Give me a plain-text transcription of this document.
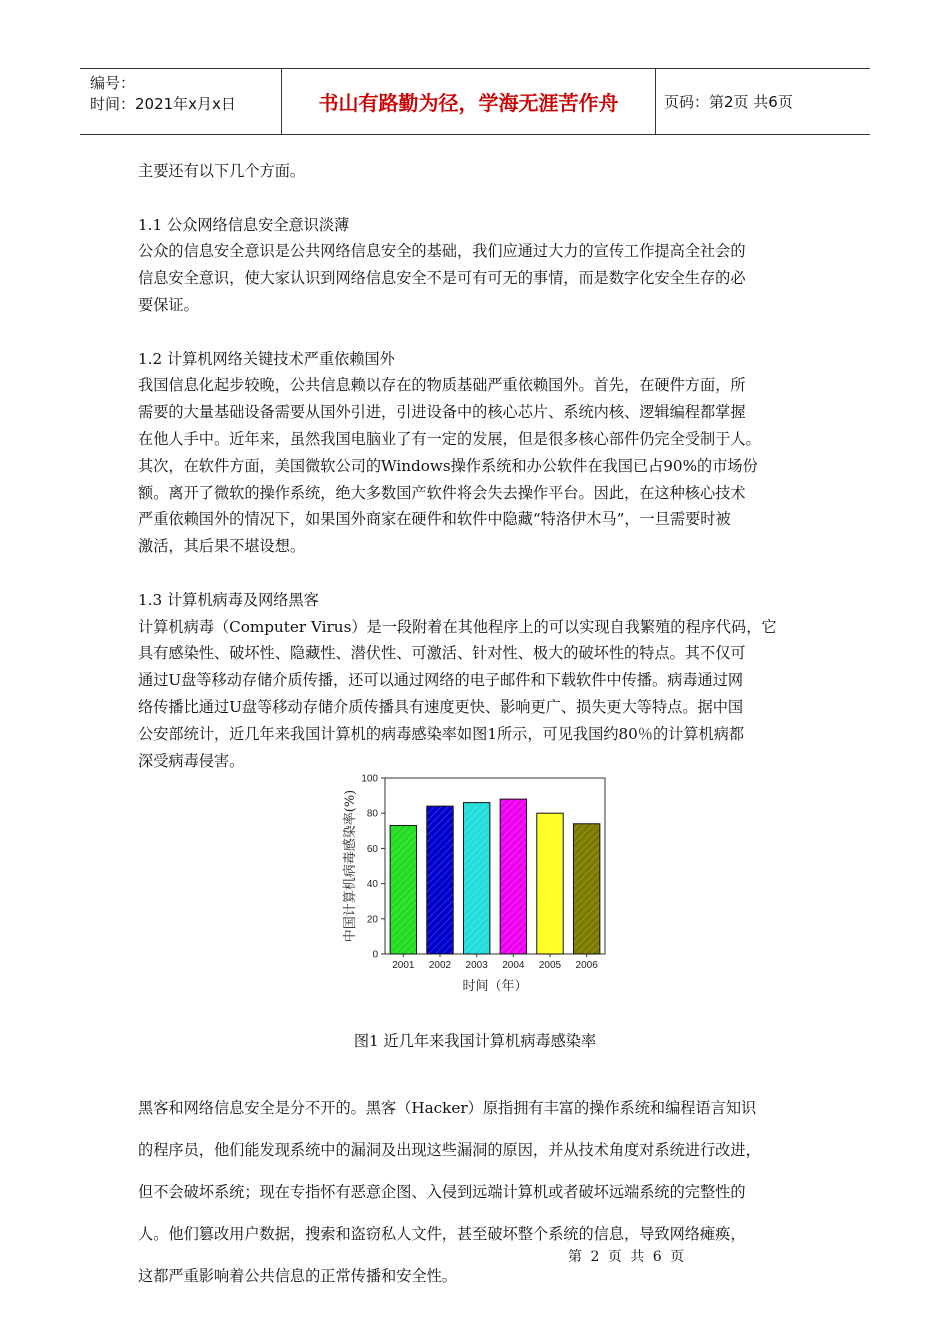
编号：
时间：2021年x月x日	书山有路勤为径，学海无涯苦作舟	页码：第2页 共6页

主要还有以下几个方面。

1.1 公众网络信息安全意识淡薄

公众的信息安全意识是公共网络信息安全的基础，我们应通过大力的宣传工作提高全社会的

信息安全意识，使大家认识到网络信息安全不是可有可无的事情，而是数字化安全生存的必

要保证。

1.2 计算机网络关键技术严重依赖国外

我国信息化起步较晚，公共信息赖以存在的物质基础严重依赖国外。首先，在硬件方面，所

需要的大量基础设备需要从国外引进，引进设备中的核心芯片、系统内核、逻辑编程都掌握

在他人手中。近年来，虽然我国电脑业了有一定的发展，但是很多核心部件仍完全受制于人。

其次，在软件方面，美国微软公司的Windows操作系统和办公软件在我国已占90%的市场份

额。离开了微软的操作系统，绝大多数国产软件将会失去操作平台。因此，在这种核心技术

严重依赖国外的情况下，如果国外商家在硬件和软件中隐藏“特洛伊木马”，一旦需要时被

激活，其后果不堪设想。

1.3 计算机病毒及网络黑客

计算机病毒（Computer Virus）是一段附着在其他程序上的可以实现自我繁殖的程序代码，它

具有感染性、破坏性、隐藏性、潜伏性、可激活、针对性、极大的破坏性的特点。其不仅可

通过U盘等移动存储介质传播，还可以通过网络的电子邮件和下载软件中传播。病毒通过网

络传播比通过U盘等移动存储介质传播具有速度更快、影响更广、损失更大等特点。据中国

公安部统计，近几年来我国计算机的病毒感染率如图1所示，可见我国约80％的计算机病都

深受病毒侵害。

0
20
40
60
80
100
2001 2002 2003 2004 2005 2006
时间（年）
中国计算机病毒感染率(%)
图1 近几年来我国计算机病毒感染率

黑客和网络信息安全是分不开的。黑客（Hacker）原指拥有丰富的操作系统和编程语言知识

的程序员，他们能发现系统中的漏洞及出现这些漏洞的原因，并从技术角度对系统进行改进，

但不会破坏系统；现在专指怀有恶意企图、入侵到远端计算机或者破坏远端系统的完整性的

人。他们篡改用户数据，搜索和盗窃私人文件，甚至破坏整个系统的信息，导致网络瘫痪，

这都严重影响着公共信息的正常传播和安全性。

第 2 页 共 6 页
